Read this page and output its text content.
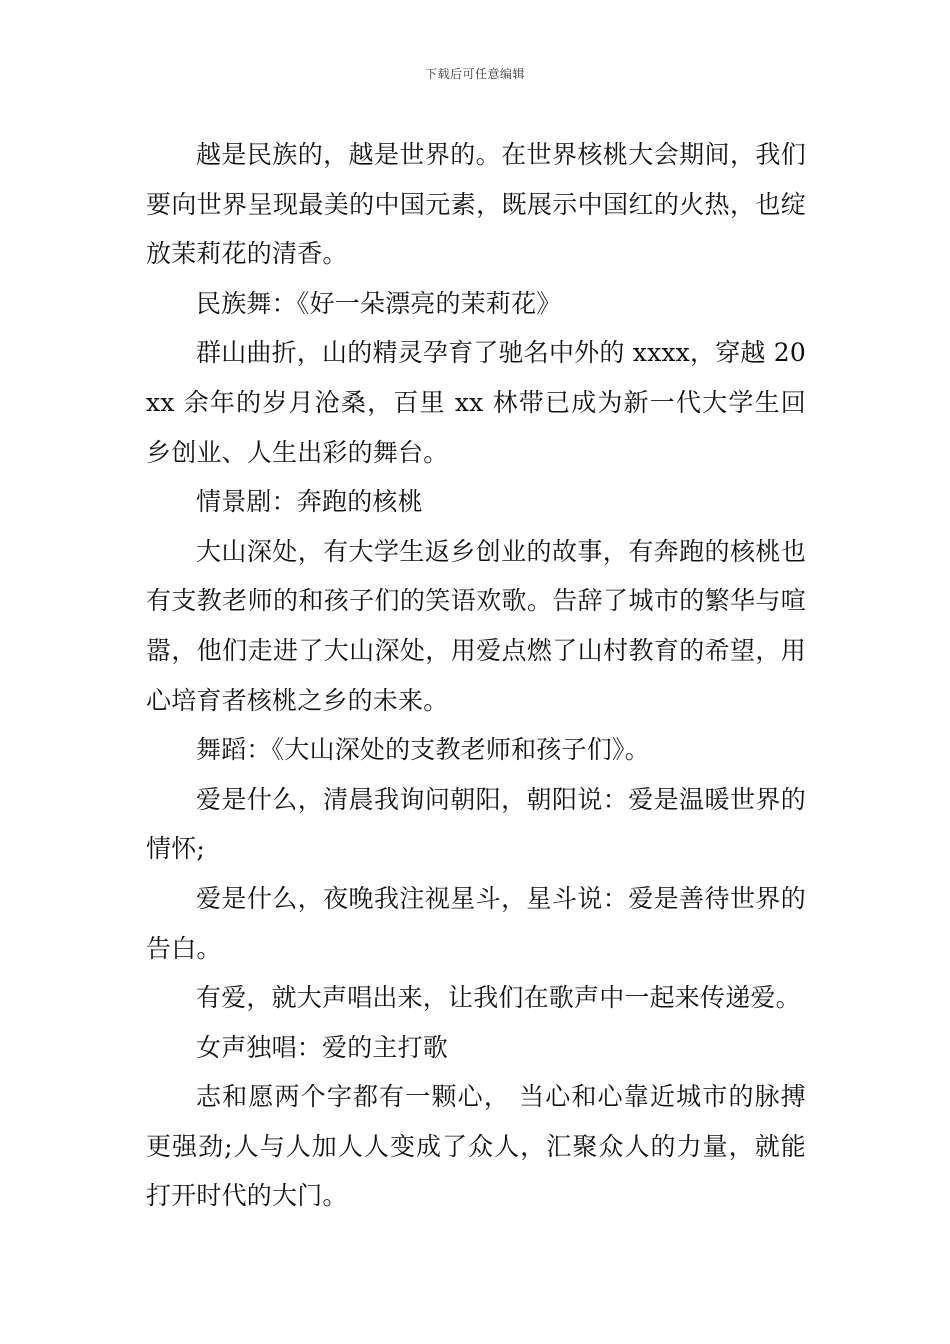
下载后可任意编辑

越是民族的，越是世界的。在世界核桃大会期间，我们要向世界呈现最美的中国元素，既展示中国红的火热，也绽放茉莉花的清香。

民族舞：《好一朵漂亮的茉莉花》

群山曲折，山的精灵孕育了驰名中外的 xxxx，穿越 20xx 余年的岁月沧桑，百里 xx 林带已成为新一代大学生回乡创业、人生出彩的舞台。

情景剧：奔跑的核桃

大山深处，有大学生返乡创业的故事，有奔跑的核桃也有支教老师的和孩子们的笑语欢歌。告辞了城市的繁华与喧嚣，他们走进了大山深处，用爱点燃了山村教育的希望，用心培育者核桃之乡的未来。

舞蹈：《大山深处的支教老师和孩子们》。

爱是什么，清晨我询问朝阳，朝阳说：爱是温暖世界的情怀;

爱是什么，夜晚我注视星斗，星斗说：爱是善待世界的告白。

有爱，就大声唱出来，让我们在歌声中一起来传递爱。

女声独唱：爱的主打歌

志和愿两个字都有一颗心， 当心和心靠近城市的脉搏更强劲;人与人加人人变成了众人，汇聚众人的力量，就能打开时代的大门。
